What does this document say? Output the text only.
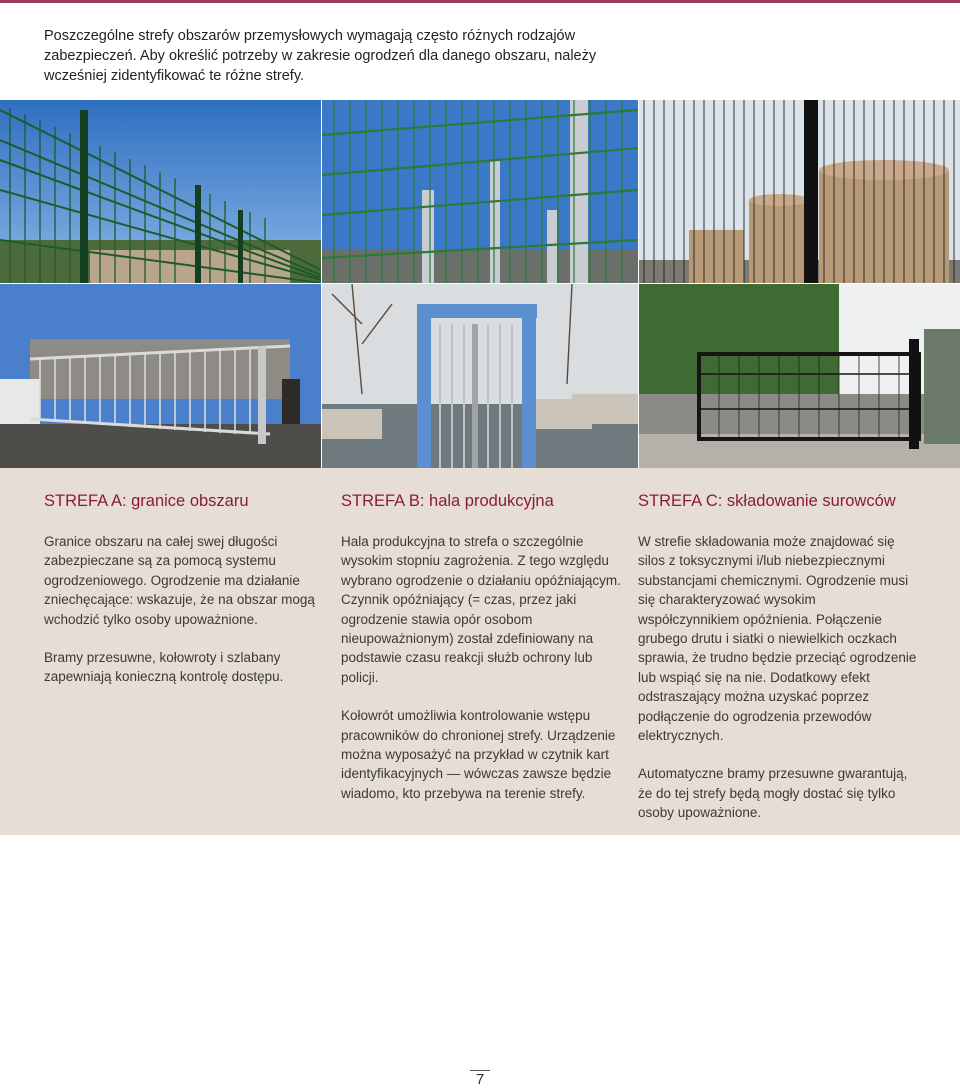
Poszczególne strefy obszarów przemysłowych wymagają często różnych rodzajów zabezpieczeń. Aby określić potrzeby w zakresie ogrodzeń dla danego obszaru, należy wcześniej zidentyfikować te różne strefy.

STREFA A: granice obszaru

Granice obszaru na całej swej długości zabezpieczane są za pomocą systemu ogrodzeniowego. Ogrodzenie ma działanie zniechęcające: wskazuje, że na obszar mogą wchodzić tylko osoby upoważnione.

Bramy przesuwne, kołowroty i szlabany zapewniają konieczną kontrolę dostępu.

STREFA B: hala produkcyjna

Hala produkcyjna to strefa o szczególnie wysokim stopniu zagrożenia. Z tego względu wybrano ogrodzenie o działaniu opóźniającym. Czynnik opóźniający (= czas, przez jaki ogrodzenie stawia opór osobom nieupoważnionym) został zdefiniowany na podstawie czasu reakcji służb ochrony lub policji.

Kołowrót umożliwia kontrolowanie wstępu pracowników do chronionej strefy. Urządzenie można wyposażyć na przykład w czytnik kart identyfikacyjnych — wówczas zawsze będzie wiadomo, kto przebywa na terenie strefy.

STREFA C: składowanie surowców

W strefie składowania może znajdować się silos z toksycznymi i/lub niebezpiecznymi substancjami chemicznymi. Ogrodzenie musi się charakteryzować wysokim współczynnikiem opóźnienia. Połączenie grubego drutu i siatki o niewielkich oczkach sprawia, że trudno będzie przeciąć ogrodzenie lub wspiąć się na nie. Dodatkowy efekt odstraszający można uzyskać poprzez podłączenie do ogrodzenia przewodów elektrycznych.

Automatyczne bramy przesuwne gwarantują, że do tej strefy będą mogły dostać się tylko osoby upoważnione.

7
